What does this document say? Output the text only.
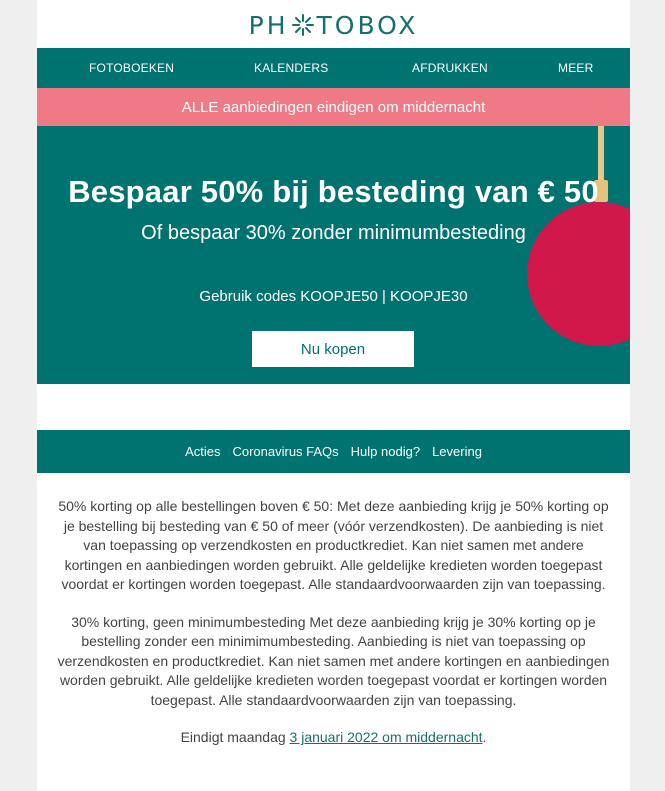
PH TOBOX
FOTOBOEKEN	KALENDERS	AFDRUKKEN	MEER
ALLE aanbiedingen eindigen om middernacht
Bespaar 50% bij besteding van € 50
Of bespaar 30% zonder minimumbesteding
Gebruik codes KOOPJE50 | KOOPJE30
Nu kopen
Acties Coronavirus FAQs Hulp nodig? Levering

50% korting op alle bestellingen boven € 50: Met deze aanbieding krijg je 50% korting op je bestelling bij besteding van € 50 of meer (vóór verzendkosten). De aanbieding is niet van toepassing op verzendkosten en productkrediet. Kan niet samen met andere kortingen en aanbiedingen worden gebruikt. Alle geldelijke kredieten worden toegepast voordat er kortingen worden toegepast. Alle standaardvoorwaarden zijn van toepassing.

30% korting, geen minimumbesteding Met deze aanbieding krijg je 30% korting op je bestelling zonder een minimimumbesteding. Aanbieding is niet van toepassing op verzendkosten en productkrediet. Kan niet samen met andere kortingen en aanbiedingen worden gebruikt. Alle geldelijke kredieten worden toegepast voordat er kortingen worden toegepast. Alle standaardvoorwaarden zijn van toepassing.

Eindigt maandag 3 januari 2022 om middernacht.
